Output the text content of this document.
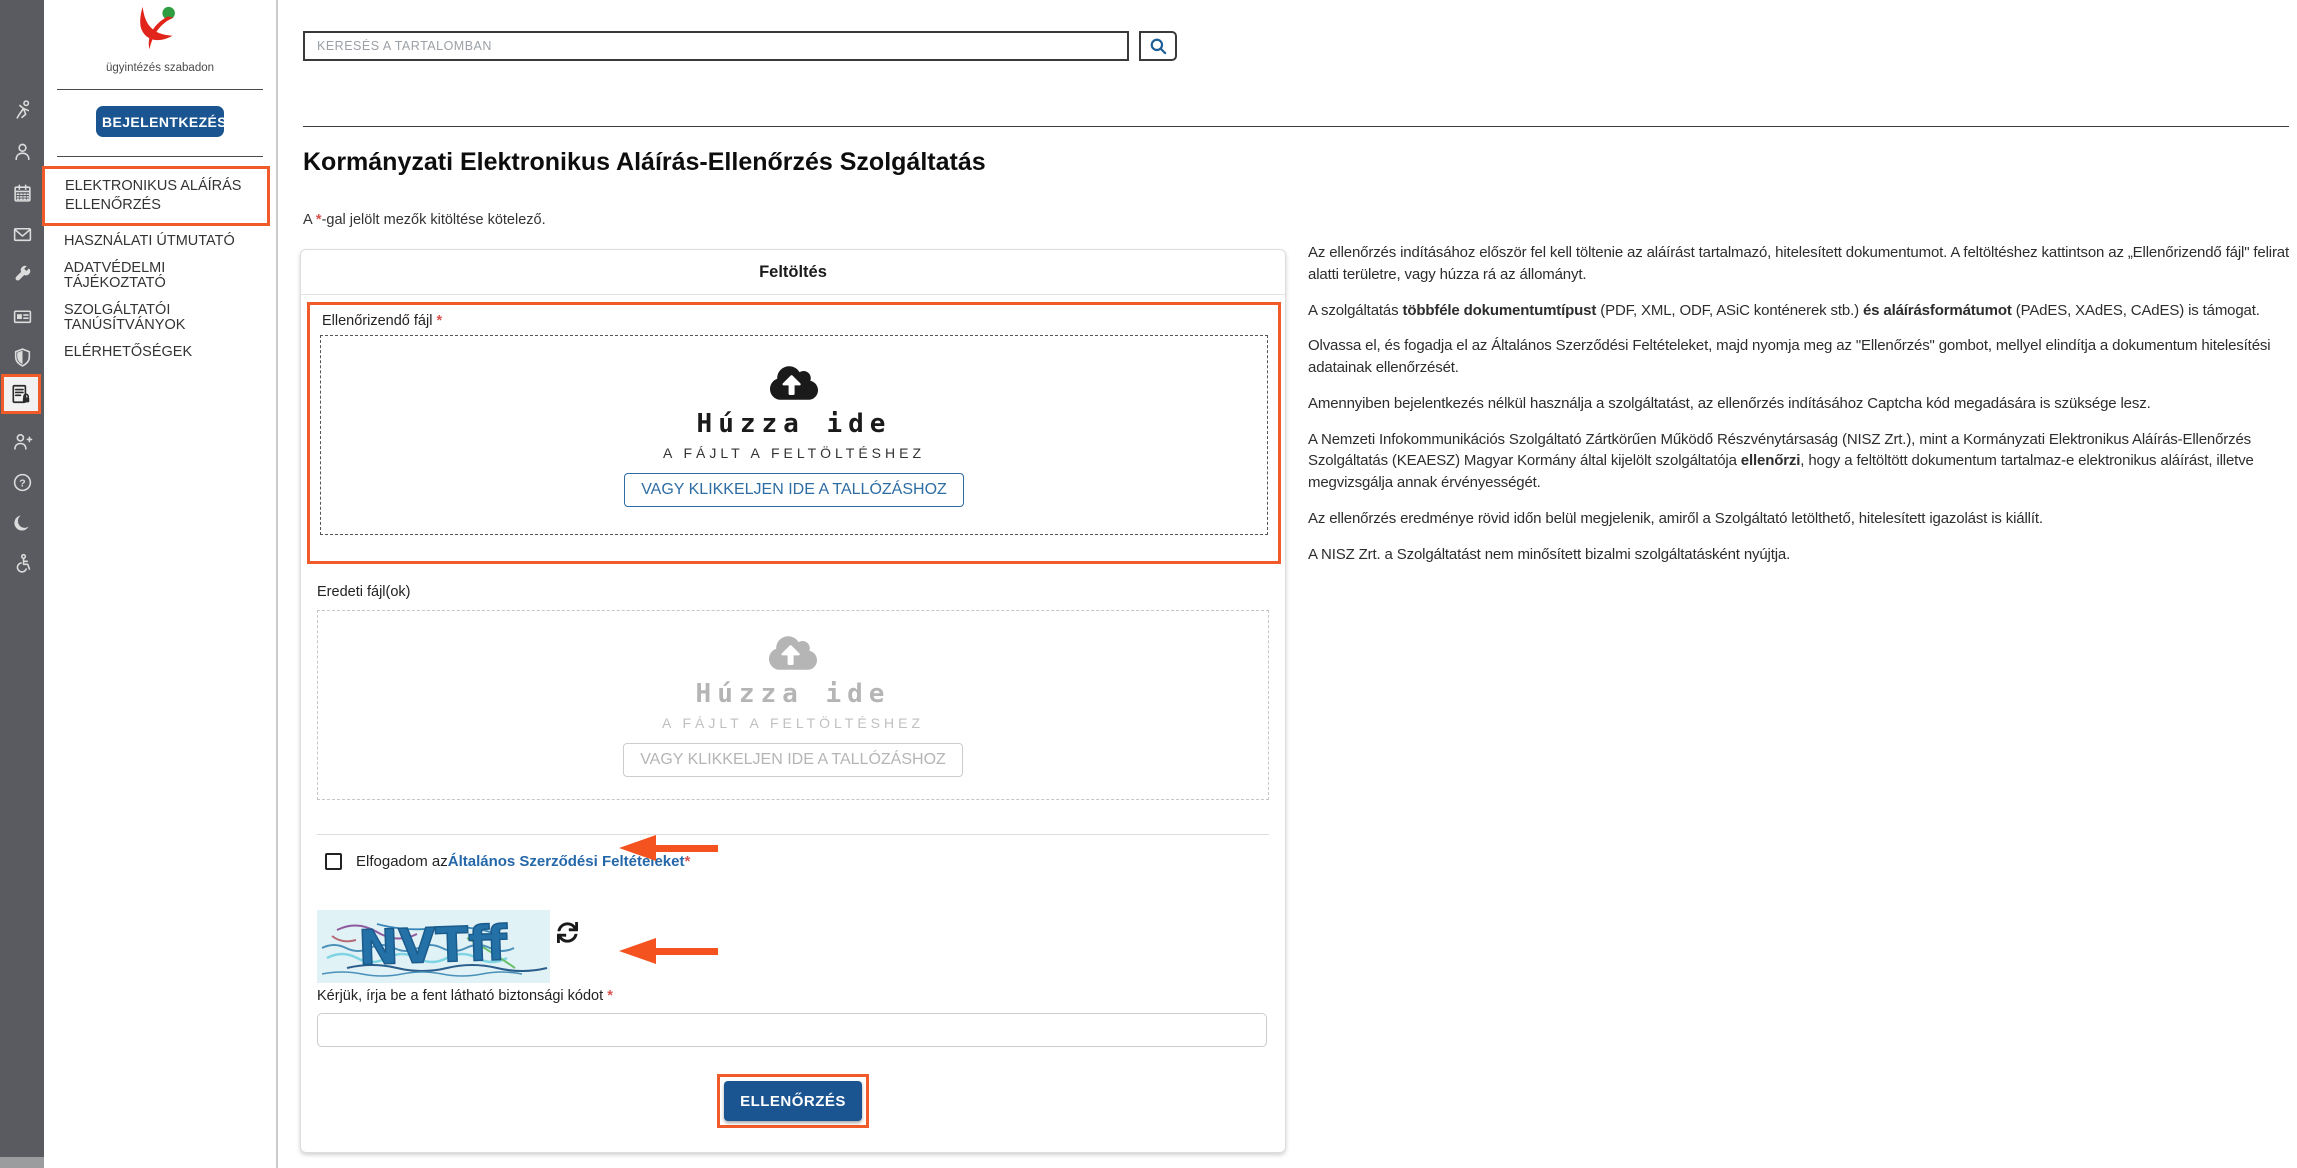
?
ügyintézés szabadon
BEJELENTKEZÉS
ELEKTRONIKUS ALÁÍRÁS ELLENŐRZÉS
HASZNÁLATI ÚTMUTATÓ
ADATVÉDELMI TÁJÉKOZTATÓ
SZOLGÁLTATÓI TANÚSÍTVÁNYOK
ELÉRHETŐSÉGEK
KERESÉS A TARTALOMBAN
Kormányzati Elektronikus Aláírás-Ellenőrzés Szolgáltatás
A *-gal jelölt mezők kitöltése kötelező.
Feltöltés
Ellenőrizendő fájl *
Húzza ide
A FÁJLT A FELTÖLTÉSHEZ
VAGY KLIKKELJEN IDE A TALLÓZÁSHOZ
Eredeti fájl(ok)
Húzza ide
A FÁJLT A FELTÖLTÉSHEZ
VAGY KLIKKELJEN IDE A TALLÓZÁSHOZ
Elfogadom az Általános Szerződési Feltételeket *
NVTff
Kérjük, írja be a fent látható biztonsági kódot *
ELLENŐRZÉS

Az ellenőrzés indításához először fel kell töltenie az aláírást tartalmazó, hitelesített dokumentumot. A feltöltéshez kattintson az „Ellenőrizendő fájl" felirat alatti területre, vagy húzza rá az állományt.

A szolgáltatás többféle dokumentumtípust (PDF, XML, ODF, ASiC konténerek stb.) és aláírásformátumot (PAdES, XAdES, CAdES) is támogat.

Olvassa el, és fogadja el az Általános Szerződési Feltételeket, majd nyomja meg az "Ellenőrzés" gombot, mellyel elindítja a dokumentum hitelesítési adatainak ellenőrzését.

Amennyiben bejelentkezés nélkül használja a szolgáltatást, az ellenőrzés indításához Captcha kód megadására is szüksége lesz.

A Nemzeti Infokommunikációs Szolgáltató Zártkörűen Működő Részvénytársaság (NISZ Zrt.), mint a Kormányzati Elektronikus Aláírás-Ellenőrzés Szolgáltatás (KEAESZ) Magyar Kormány által kijelölt szolgáltatója ellenőrzi, hogy a feltöltött dokumentum tartalmaz-e elektronikus aláírást, illetve megvizsgálja annak érvényességét.

Az ellenőrzés eredménye rövid időn belül megjelenik, amiről a Szolgáltató letölthető, hitelesített igazolást is kiállít.

A NISZ Zrt. a Szolgáltatást nem minősített bizalmi szolgáltatásként nyújtja.
